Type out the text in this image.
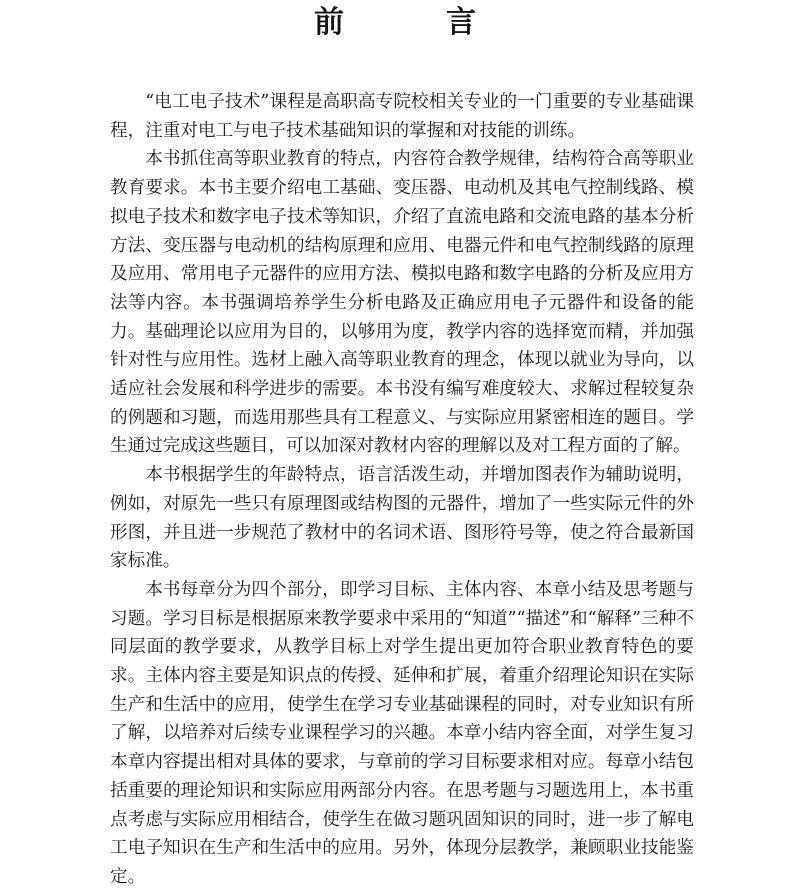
前　言

“电工电子技术”课程是高职高专院校相关专业的一门重要的专业基础课程，注重对电工与电子技术基础知识的掌握和对技能的训练。

本书抓住高等职业教育的特点，内容符合教学规律，结构符合高等职业教育要求。本书主要介绍电工基础、变压器、电动机及其电气控制线路、模拟电子技术和数字电子技术等知识，介绍了直流电路和交流电路的基本分析方法、变压器与电动机的结构原理和应用、电器元件和电气控制线路的原理及应用、常用电子元器件的应用方法、模拟电路和数字电路的分析及应用方法等内容。本书强调培养学生分析电路及正确应用电子元器件和设备的能力。基础理论以应用为目的，以够用为度，教学内容的选择宽而精，并加强针对性与应用性。选材上融入高等职业教育的理念，体现以就业为导向，以适应社会发展和科学进步的需要。本书没有编写难度较大、求解过程较复杂的例题和习题，而选用那些具有工程意义、与实际应用紧密相连的题目。学生通过完成这些题目，可以加深对教材内容的理解以及对工程方面的了解。

本书根据学生的年龄特点，语言活泼生动，并增加图表作为辅助说明，例如，对原先一些只有原理图或结构图的元器件，增加了一些实际元件的外形图，并且进一步规范了教材中的名词术语、图形符号等，使之符合最新国家标准。

本书每章分为四个部分，即学习目标、主体内容、本章小结及思考题与习题。学习目标是根据原来教学要求中采用的“知道”“描述”和“解释”三种不同层面的教学要求，从教学目标上对学生提出更加符合职业教育特色的要求。主体内容主要是知识点的传授、延伸和扩展，着重介绍理论知识在实际生产和生活中的应用，使学生在学习专业基础课程的同时，对专业知识有所了解，以培养对后续专业课程学习的兴趣。本章小结内容全面，对学生复习本章内容提出相对具体的要求，与章前的学习目标要求相对应。每章小结包括重要的理论知识和实际应用两部分内容。在思考题与习题选用上，本书重点考虑与实际应用相结合，使学生在做习题巩固知识的同时，进一步了解电工电子知识在生产和生活中的应用。另外，体现分层教学，兼顾职业技能鉴定。
